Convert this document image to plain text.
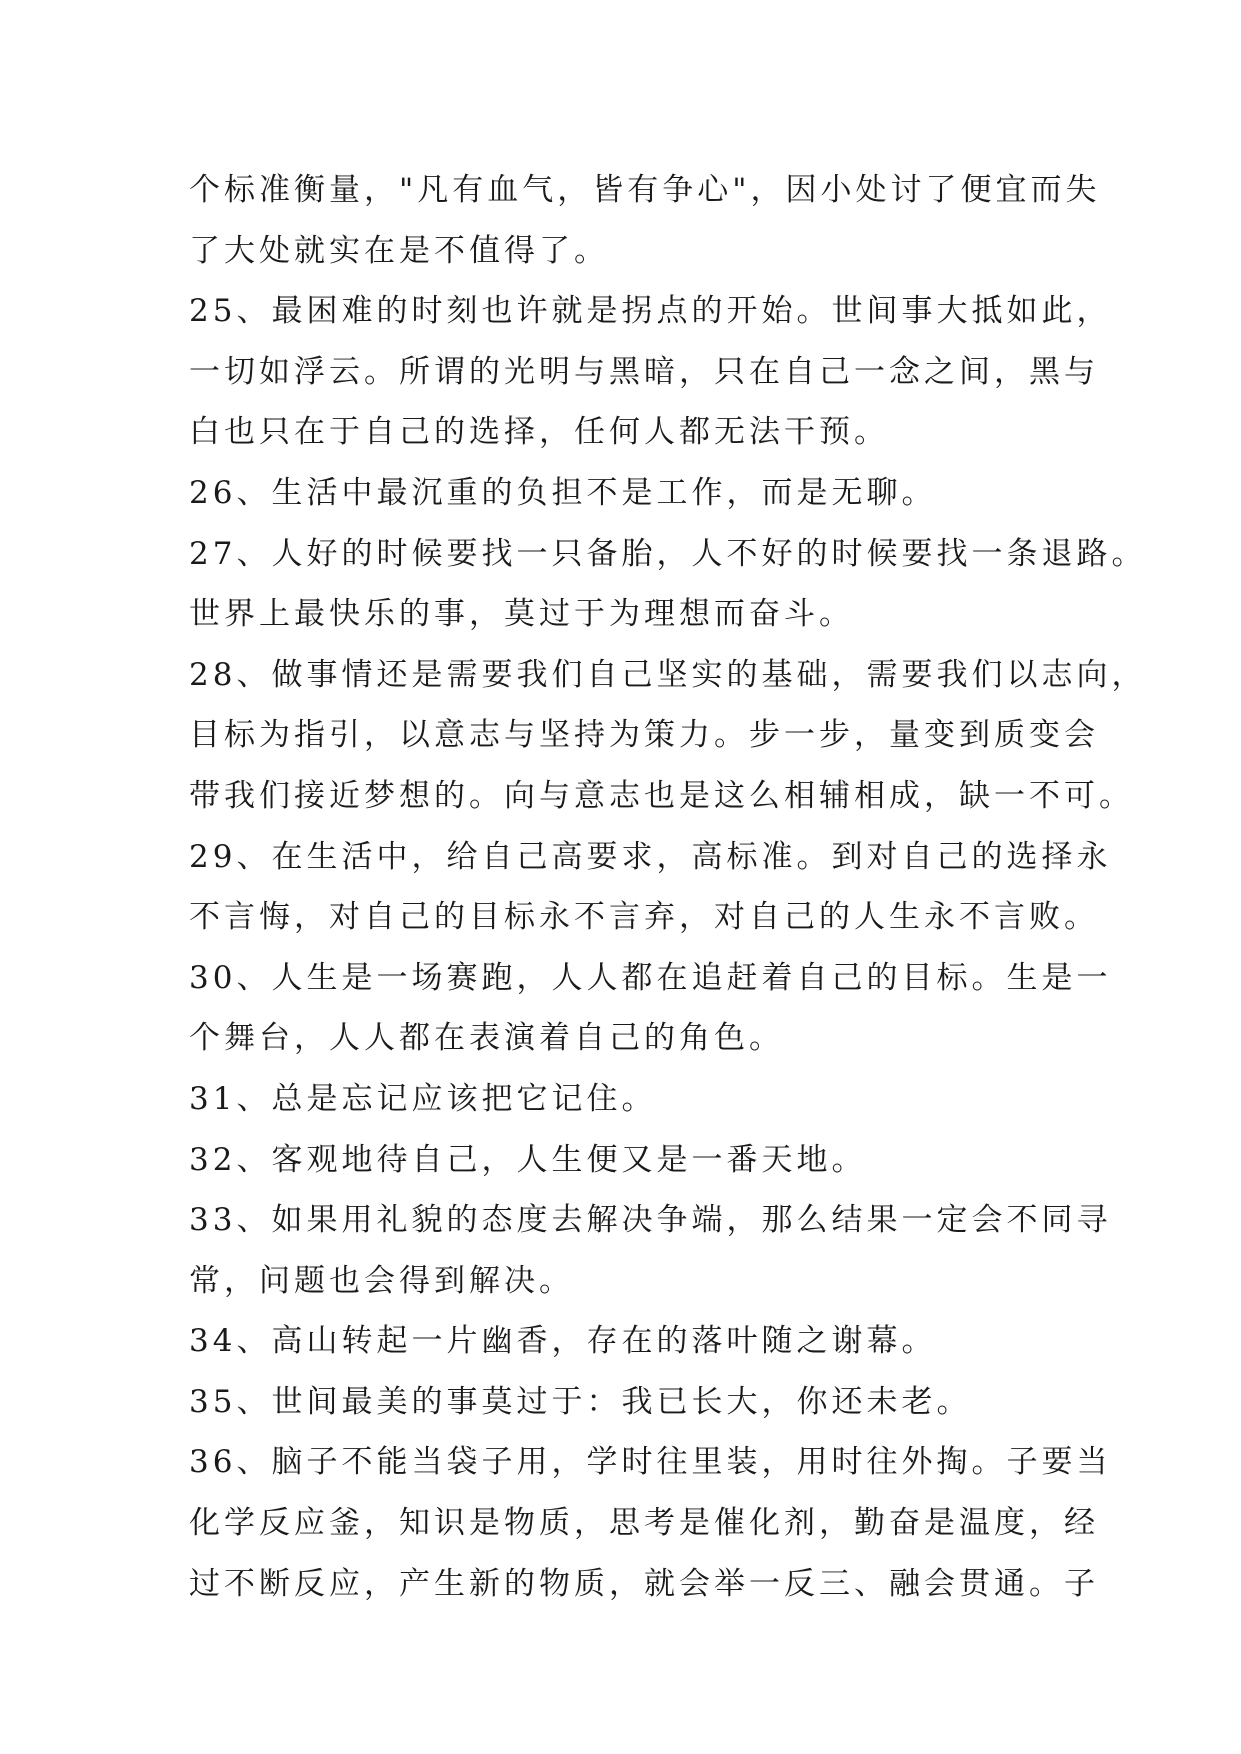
个标准衡量，"凡有血气，皆有争心"，因小处讨了便宜而失
了大处就实在是不值得了。
25、最困难的时刻也许就是拐点的开始。世间事大抵如此，
一切如浮云。所谓的光明与黑暗，只在自己一念之间，黑与
白也只在于自己的选择，任何人都无法干预。
26、生活中最沉重的负担不是工作，而是无聊。
27、人好的时候要找一只备胎，人不好的时候要找一条退路。
世界上最快乐的事，莫过于为理想而奋斗。
28、做事情还是需要我们自己坚实的基础，需要我们以志向，
目标为指引，以意志与坚持为策力。步一步，量变到质变会
带我们接近梦想的。向与意志也是这么相辅相成，缺一不可。
29、在生活中，给自己高要求，高标准。到对自己的选择永
不言悔，对自己的目标永不言弃，对自己的人生永不言败。
30、人生是一场赛跑，人人都在追赶着自己的目标。生是一
个舞台，人人都在表演着自己的角色。
31、总是忘记应该把它记住。
32、客观地待自己，人生便又是一番天地。
33、如果用礼貌的态度去解决争端，那么结果一定会不同寻
常，问题也会得到解决。
34、高山转起一片幽香，存在的落叶随之谢幕。
35、世间最美的事莫过于：我已长大，你还未老。
36、脑子不能当袋子用，学时往里装，用时往外掏。子要当
化学反应釜，知识是物质，思考是催化剂，勤奋是温度，经
过不断反应，产生新的物质，就会举一反三、融会贯通。子
